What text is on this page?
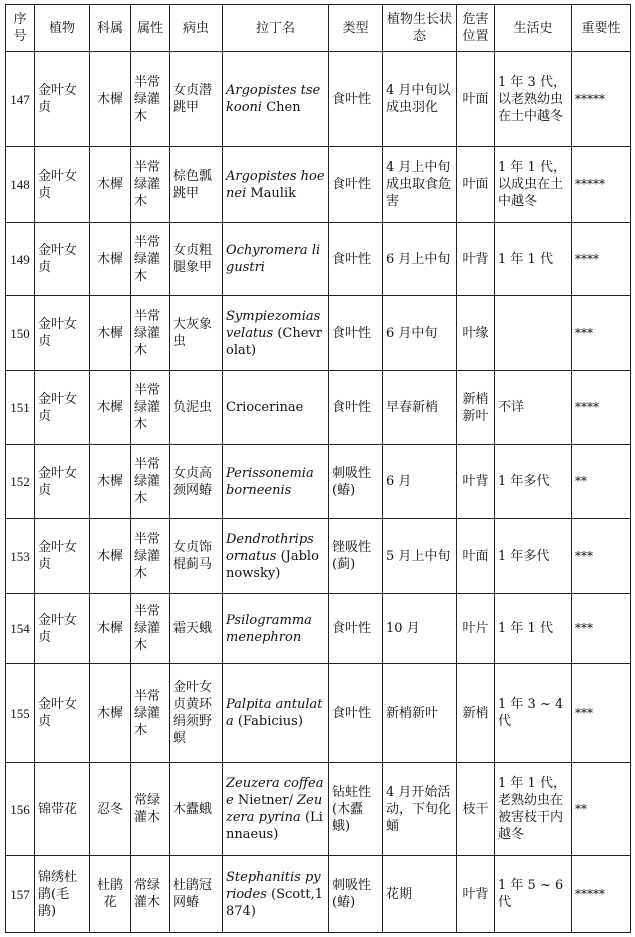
序号	植物	科属	属性	病虫	拉丁名	类型	植物生长状态	危害位置	生活史	重要性
147	金叶女贞	木樨	半常绿灌木	女贞潜跳甲	Argopistes tsekooni Chen	食叶性	4 月中旬以成虫羽化	叶面	1 年 3 代，以老熟幼虫在土中越冬	*****
148	金叶女贞	木樨	半常绿灌木	棕色瓢跳甲	Argopistes hoenei Maulik	食叶性	4 月上中旬成虫取食危害	叶面	1 年 1 代，以成虫在土中越冬	*****
149	金叶女贞	木樨	半常绿灌木	女贞粗腿象甲	Ochyromera ligustri	食叶性	6 月上中旬	叶背	1 年 1 代	****
150	金叶女贞	木樨	半常绿灌木	大灰象虫	Sympiezomias velatus (Chevrolat)	食叶性	6 月中旬	叶缘		***
151	金叶女贞	木樨	半常绿灌木	负泥虫	Criocerinae	食叶性	早春新梢	新梢新叶	不详	****
152	金叶女贞	木樨	半常绿灌木	女贞高颈网蝽	Perissonemia borneenis	刺吸性(蝽)	6 月	叶背	1 年多代	**
153	金叶女贞	木樨	半常绿灌木	女贞饰棍蓟马	Dendrothrips ornatus (Jablonowsky)	锉吸性(蓟)	5 月上中旬	叶面	1 年多代	***
154	金叶女贞	木樨	半常绿灌木	霜天蛾	Psilogramma menephron	食叶性	10 月	叶片	1 年 1 代	***
155	金叶女贞	木樨	半常绿灌木	金叶女贞黄环绢须野螟	Palpita antulata (Fabicius)	食叶性	新梢新叶	新梢	1 年 3 ~ 4 代	***
156	锦带花	忍冬	常绿灌木	木蠹蛾	Zeuzera coffeae Nietner/ Zeuzera pyrina (Linnaeus)	钻蛀性(木蠹蛾)	4 月开始活动，下旬化蛹	枝干	1 年 1 代，老熟幼虫在被害枝干内越冬	**
157	锦绣杜鹃(毛鹃)	杜鹃花	常绿灌木	杜鹃冠网蝽	Stephanitis pyriodes (Scott,1874)	刺吸性(蝽)	花期	叶背	1 年 5 ~ 6 代	*****
